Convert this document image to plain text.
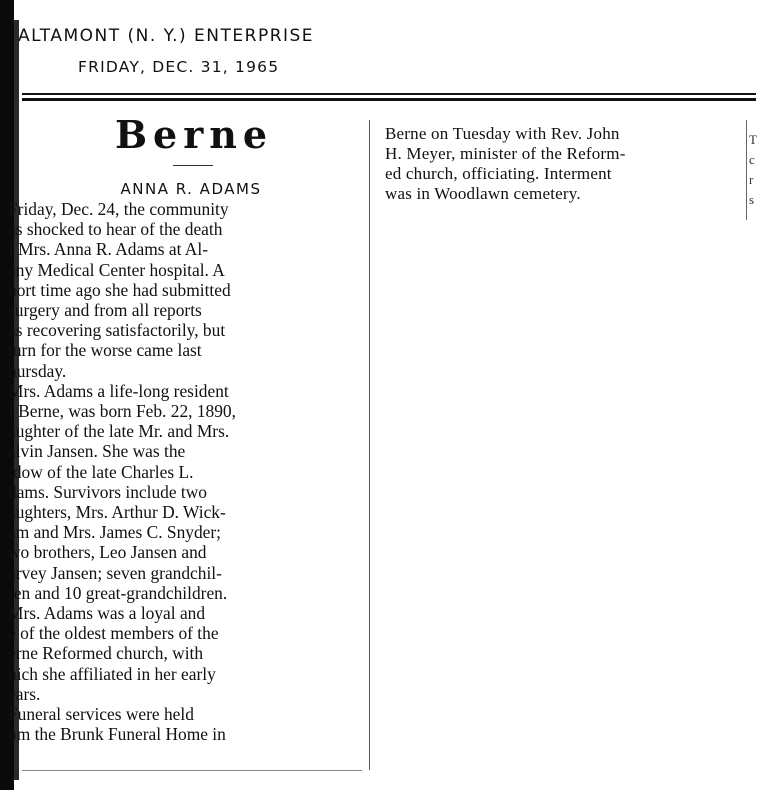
ALTAMONT (N. Y.) ENTERPRISE
FRIDAY, DEC. 31, 1965
Berne
ANNA R. ADAMS
Friday, Dec. 24, the community
as shocked to hear of the death
f Mrs. Anna R. Adams at Al-
any Medical Center hospital. A
hort time ago she had submitted
surgery and from all reports
as recovering satisfactorily, but
turn for the worse came last
hursday.
Mrs. Adams a life-long resident
f Berne, was born Feb. 22, 1890,
aughter of the late Mr. and Mrs.
alvin Jansen. She was the
idow of the late Charles L.
dams. Survivors include two
aughters, Mrs. Arthur D. Wick-
am and Mrs. James C. Snyder;
wo brothers, Leo Jansen and
arvey Jansen; seven grandchil-
ren and 10 great-grandchildren.
Mrs. Adams was a loyal and
e of the oldest members of the
erne Reformed church, with
hich she affiliated in her early
ears.
Funeral services were held
om the Brunk Funeral Home in
Berne on Tuesday with Rev. John
H. Meyer, minister of the Reform-
ed church, officiating. Interment
was in Woodlawn cemetery.
T
c
r
s
